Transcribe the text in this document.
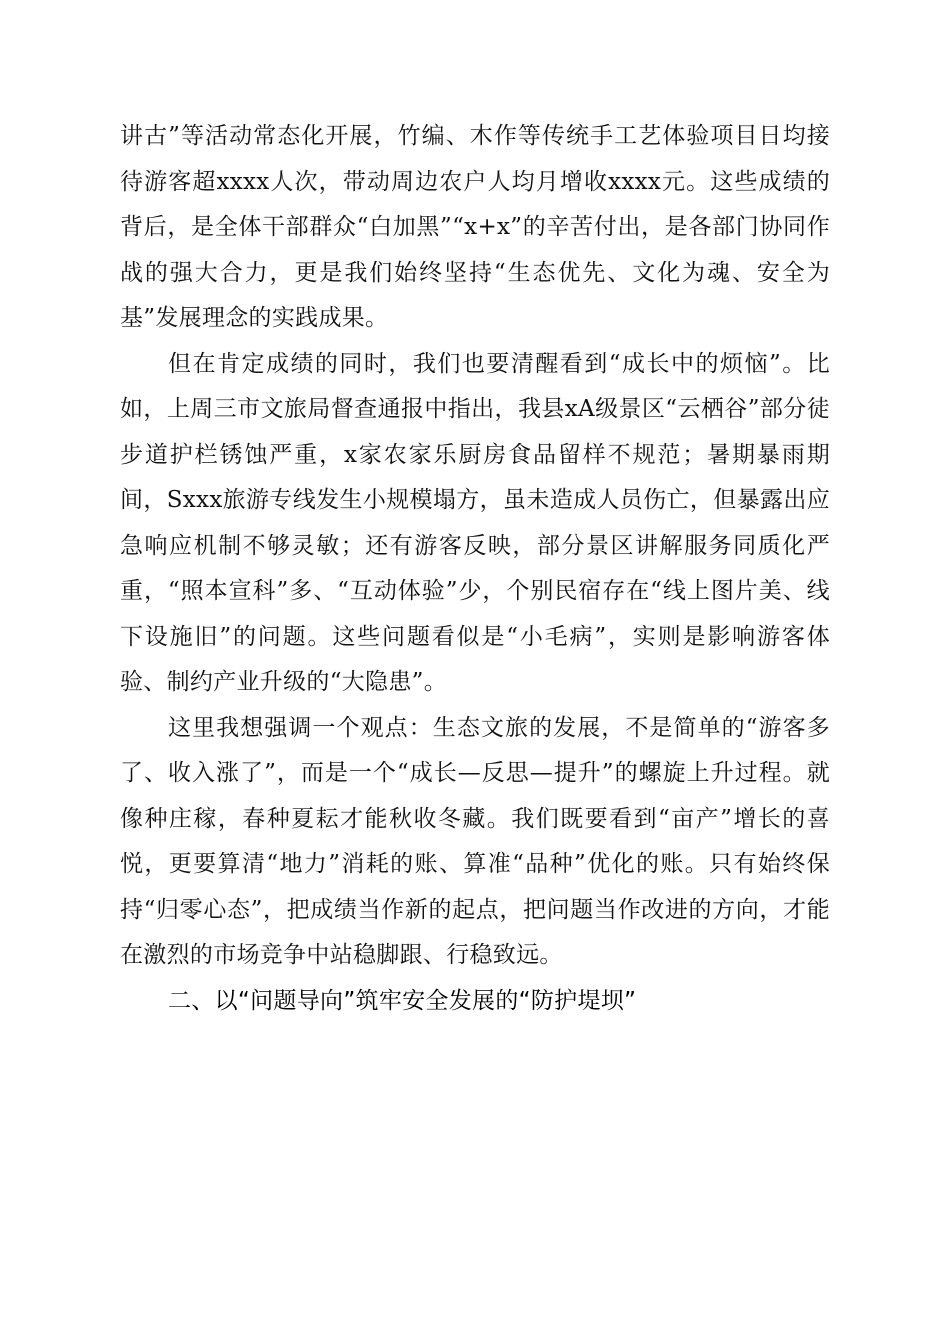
讲古”等活动常态化开展，竹编、木作等传统手工艺体验项目日均接待游客超xxxx人次，带动周边农户人均月增收xxxx元。这些成绩的背后，是全体干部群众“白加黑”“x+x”的辛苦付出，是各部门协同作战的强大合力，更是我们始终坚持“生态优先、文化为魂、安全为基”发展理念的实践成果。

但在肯定成绩的同时，我们也要清醒看到“成长中的烦恼”。比如，上周三市文旅局督查通报中指出，我县xA级景区“云栖谷”部分徒步道护栏锈蚀严重，x家农家乐厨房食品留样不规范；暑期暴雨期间，Sxxx旅游专线发生小规模塌方，虽未造成人员伤亡，但暴露出应急响应机制不够灵敏；还有游客反映，部分景区讲解服务同质化严重，“照本宣科”多、“互动体验”少，个别民宿存在“线上图片美、线下设施旧”的问题。这些问题看似是“小毛病”，实则是影响游客体验、制约产业升级的“大隐患”。

这里我想强调一个观点：生态文旅的发展，不是简单的“游客多了、收入涨了”，而是一个“成长—反思—提升”的螺旋上升过程。就像种庄稼，春种夏耘才能秋收冬藏。我们既要看到“亩产”增长的喜悦，更要算清“地力”消耗的账、算准“品种”优化的账。只有始终保持“归零心态”，把成绩当作新的起点，把问题当作改进的方向，才能在激烈的市场竞争中站稳脚跟、行稳致远。

二、以“问题导向”筑牢安全发展的“防护堤坝”
